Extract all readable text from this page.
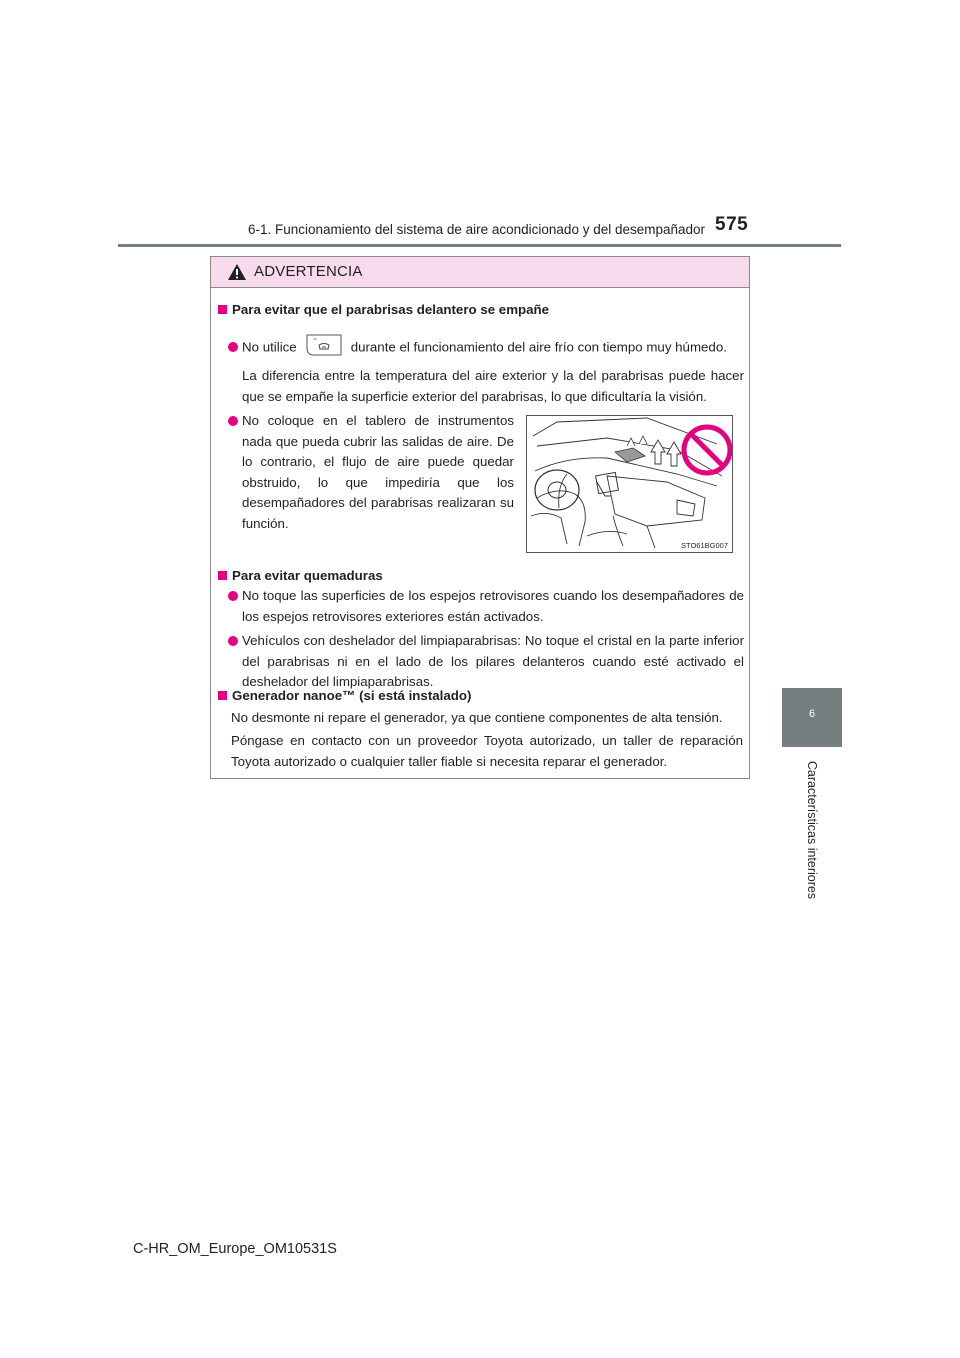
6-1. Funcionamiento del sistema de aire acondicionado y del desempañador 575
6
Características interiores
ADVERTENCIA
Para evitar que el parabrisas delantero se empañe
No utilice	durante el funcionamiento del aire frío con tiempo muy húmedo.
La diferencia entre la temperatura del aire exterior y la del parabrisas puede hacer que se empañe la superficie exterior del parabrisas, lo que dificultaría la visión.
No coloque en el tablero de instrumentos nada que pueda cubrir las salidas de aire. De lo contrario, el flujo de aire puede quedar obstruido, lo que impediría que los desempañadores del parabrisas realizaran su función.
STO61BG007
Para evitar quemaduras
No toque las superficies de los espejos retrovisores cuando los desempañadores de los espejos retrovisores exteriores están activados.
Vehículos con deshelador del limpiaparabrisas: No toque el cristal en la parte inferior del parabrisas ni en el lado de los pilares delanteros cuando esté activado el deshelador del limpiaparabrisas.
Generador nanoe™ (si está instalado)
No desmonte ni repare el generador, ya que contiene componentes de alta tensión.
Póngase en contacto con un proveedor Toyota autorizado, un taller de reparación Toyota autorizado o cualquier taller fiable si necesita reparar el generador.
C-HR_OM_Europe_OM10531S
